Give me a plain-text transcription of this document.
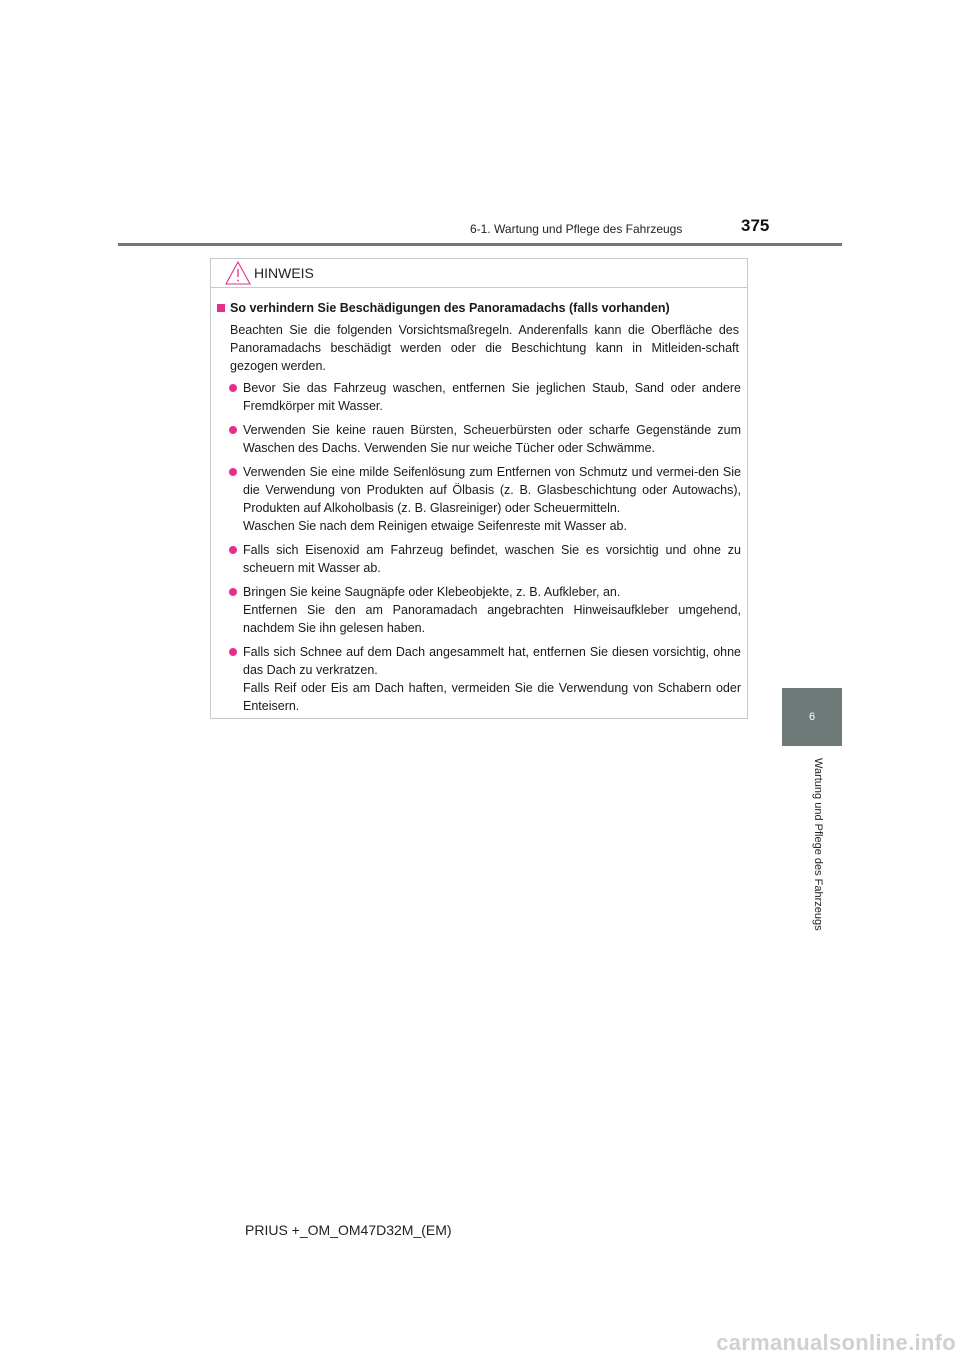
6-1. Wartung und Pflege des Fahrzeugs	375
6
Wartung und Pflege des Fahrzeugs
HINWEIS
So verhindern Sie Beschädigungen des Panoramadachs (falls vorhanden)
Beachten Sie die folgenden Vorsichtsmaßregeln. Anderenfalls kann die Oberfläche des Panoramadachs beschädigt werden oder die Beschichtung kann in Mitleiden-schaft gezogen werden.
Bevor Sie das Fahrzeug waschen, entfernen Sie jeglichen Staub, Sand oder andere Fremdkörper mit Wasser.
Verwenden Sie keine rauen Bürsten, Scheuerbürsten oder scharfe Gegenstände zum Waschen des Dachs. Verwenden Sie nur weiche Tücher oder Schwämme.
Verwenden Sie eine milde Seifenlösung zum Entfernen von Schmutz und vermei-den Sie die Verwendung von Produkten auf Ölbasis (z. B. Glasbeschichtung oder Autowachs), Produkten auf Alkoholbasis (z. B. Glasreiniger) oder Scheuermitteln.
Waschen Sie nach dem Reinigen etwaige Seifenreste mit Wasser ab.
Falls sich Eisenoxid am Fahrzeug befindet, waschen Sie es vorsichtig und ohne zu scheuern mit Wasser ab.
Bringen Sie keine Saugnäpfe oder Klebeobjekte, z. B. Aufkleber, an.
Entfernen Sie den am Panoramadach angebrachten Hinweisaufkleber umgehend, nachdem Sie ihn gelesen haben.
Falls sich Schnee auf dem Dach angesammelt hat, entfernen Sie diesen vorsichtig, ohne das Dach zu verkratzen.
Falls Reif oder Eis am Dach haften, vermeiden Sie die Verwendung von Schabern oder Enteisern.
PRIUS +_OM_OM47D32M_(EM)
carmanualsonline.info
